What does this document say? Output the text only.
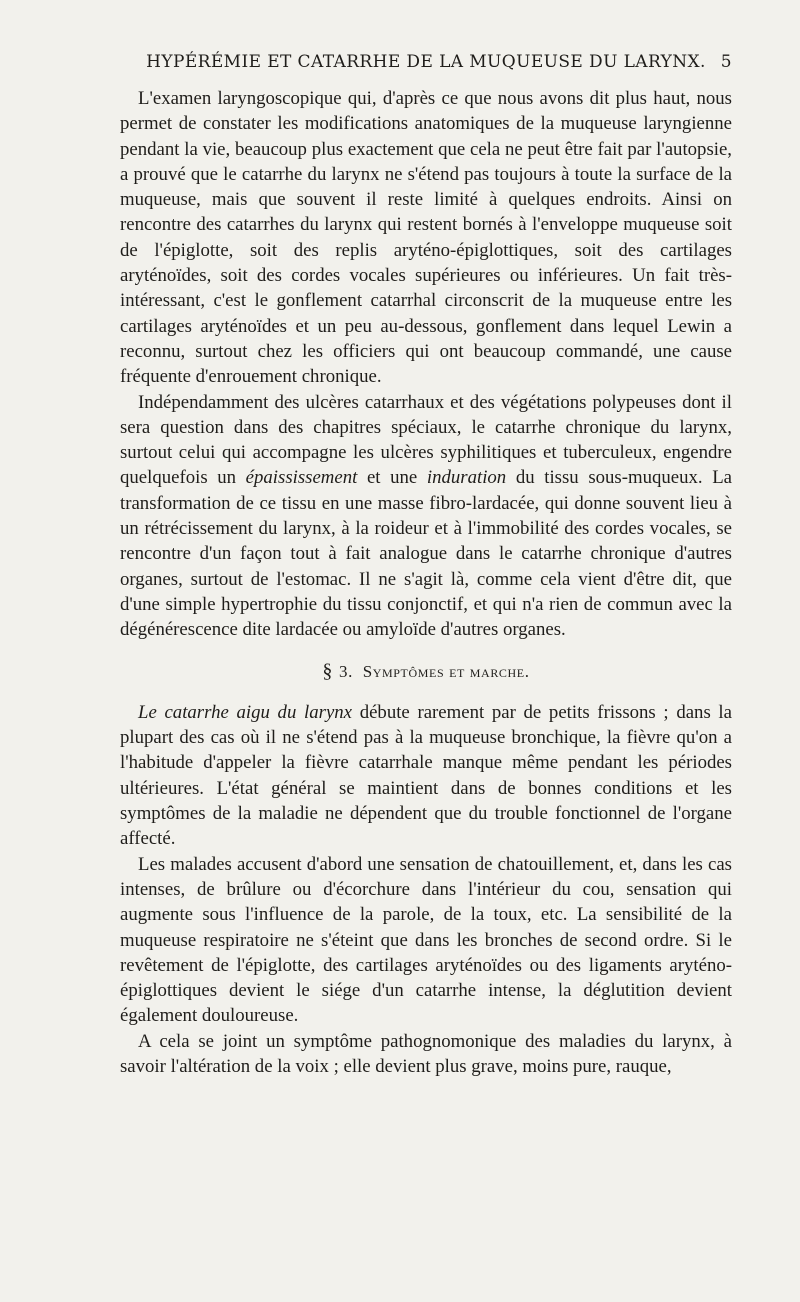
HYPÉRÉMIE ET CATARRHE DE LA MUQUEUSE DU LARYNX. 5

L'examen laryngoscopique qui, d'après ce que nous avons dit plus haut, nous permet de constater les modifications anatomiques de la muqueuse laryngienne pendant la vie, beaucoup plus exactement que cela ne peut être fait par l'autopsie, a prouvé que le catarrhe du larynx ne s'étend pas toujours à toute la surface de la muqueuse, mais que souvent il reste limité à quelques endroits. Ainsi on rencontre des catarrhes du larynx qui restent bornés à l'enveloppe muqueuse soit de l'épiglotte, soit des replis aryténo-épiglottiques, soit des cartilages aryténoïdes, soit des cordes vocales supérieures ou inférieures. Un fait très-intéressant, c'est le gonflement catarrhal circonscrit de la muqueuse entre les cartilages aryténoïdes et un peu au-dessous, gonflement dans lequel Lewin a reconnu, surtout chez les officiers qui ont beaucoup commandé, une cause fréquente d'enrouement chronique.

Indépendamment des ulcères catarrhaux et des végétations polypeuses dont il sera question dans des chapitres spéciaux, le catarrhe chronique du larynx, surtout celui qui accompagne les ulcères syphilitiques et tuberculeux, engendre quelquefois un épaississement et une induration du tissu sous-muqueux. La transformation de ce tissu en une masse fibro-lardacée, qui donne souvent lieu à un rétrécissement du larynx, à la roideur et à l'immobilité des cordes vocales, se rencontre d'un façon tout à fait analogue dans le catarrhe chronique d'autres organes, surtout de l'estomac. Il ne s'agit là, comme cela vient d'être dit, que d'une simple hypertrophie du tissu conjonctif, et qui n'a rien de commun avec la dégénérescence dite lardacée ou amyloïde d'autres organes.

§ 3. Symptômes et marche.

Le catarrhe aigu du larynx débute rarement par de petits frissons ; dans la plupart des cas où il ne s'étend pas à la muqueuse bronchique, la fièvre qu'on a l'habitude d'appeler la fièvre catarrhale manque même pendant les périodes ultérieures. L'état général se maintient dans de bonnes conditions et les symptômes de la maladie ne dépendent que du trouble fonctionnel de l'organe affecté.

Les malades accusent d'abord une sensation de chatouillement, et, dans les cas intenses, de brûlure ou d'écorchure dans l'intérieur du cou, sensation qui augmente sous l'influence de la parole, de la toux, etc. La sensibilité de la muqueuse respiratoire ne s'éteint que dans les bronches de second ordre. Si le revêtement de l'épiglotte, des cartilages aryténoïdes ou des ligaments aryténo-épiglottiques devient le siége d'un catarrhe intense, la déglutition devient également douloureuse.

A cela se joint un symptôme pathognomonique des maladies du larynx, à savoir l'altération de la voix ; elle devient plus grave, moins pure, rauque,
